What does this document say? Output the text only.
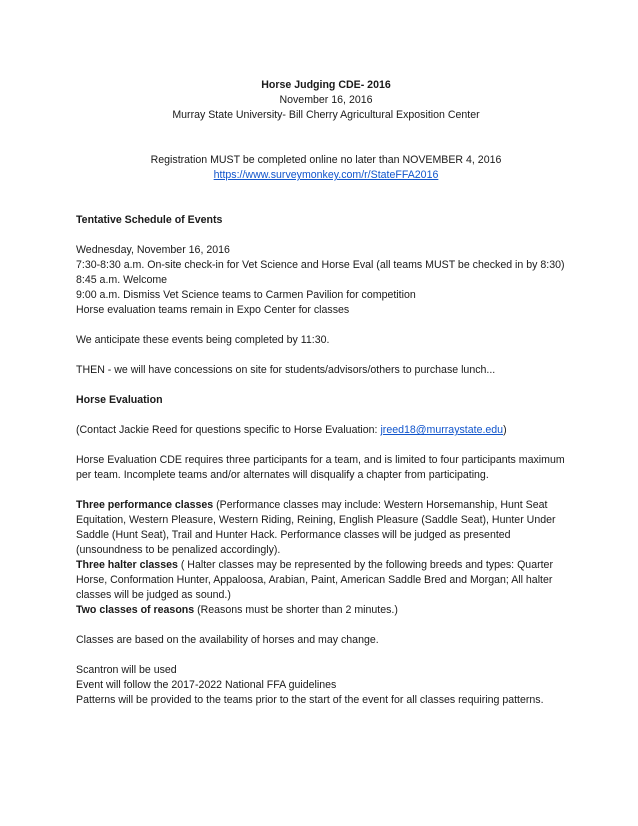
Horse Judging CDE- 2016

November 16, 2016

Murray State University- Bill Cherry Agricultural Exposition Center

Registration MUST be completed online no later than NOVEMBER 4, 2016

https://www.surveymonkey.com/r/StateFFA2016

Tentative Schedule of Events

Wednesday, November 16, 2016

7:30-8:30 a.m. On-site check-in for Vet Science and Horse Eval (all teams MUST be checked in by 8:30)

8:45 a.m. Welcome

9:00 a.m. Dismiss Vet Science teams to Carmen Pavilion for competition

Horse evaluation teams remain in Expo Center for classes

We anticipate these events being completed by 11:30.

THEN - we will have concessions on site for students/advisors/others to purchase lunch...

Horse Evaluation

(Contact Jackie Reed for questions specific to Horse Evaluation: jreed18@murraystate.edu)

Horse Evaluation CDE requires three participants for a team, and is limited to four participants maximum per team. Incomplete teams and/or alternates will disqualify a chapter from participating.

Three performance classes (Performance classes may include: Western Horsemanship, Hunt Seat Equitation, Western Pleasure, Western Riding, Reining, English Pleasure (Saddle Seat), Hunter Under Saddle (Hunt Seat), Trail and Hunter Hack. Performance classes will be judged as presented (unsoundness to be penalized accordingly).

Three halter classes ( Halter classes may be represented by the following breeds and types: Quarter Horse, Conformation Hunter, Appaloosa, Arabian, Paint, American Saddle Bred and Morgan; All halter classes will be judged as sound.)

Two classes of reasons (Reasons must be shorter than 2 minutes.)

Classes are based on the availability of horses and may change.

Scantron will be used

Event will follow the 2017-2022 National FFA guidelines

Patterns will be provided to the teams prior to the start of the event for all classes requiring patterns.
